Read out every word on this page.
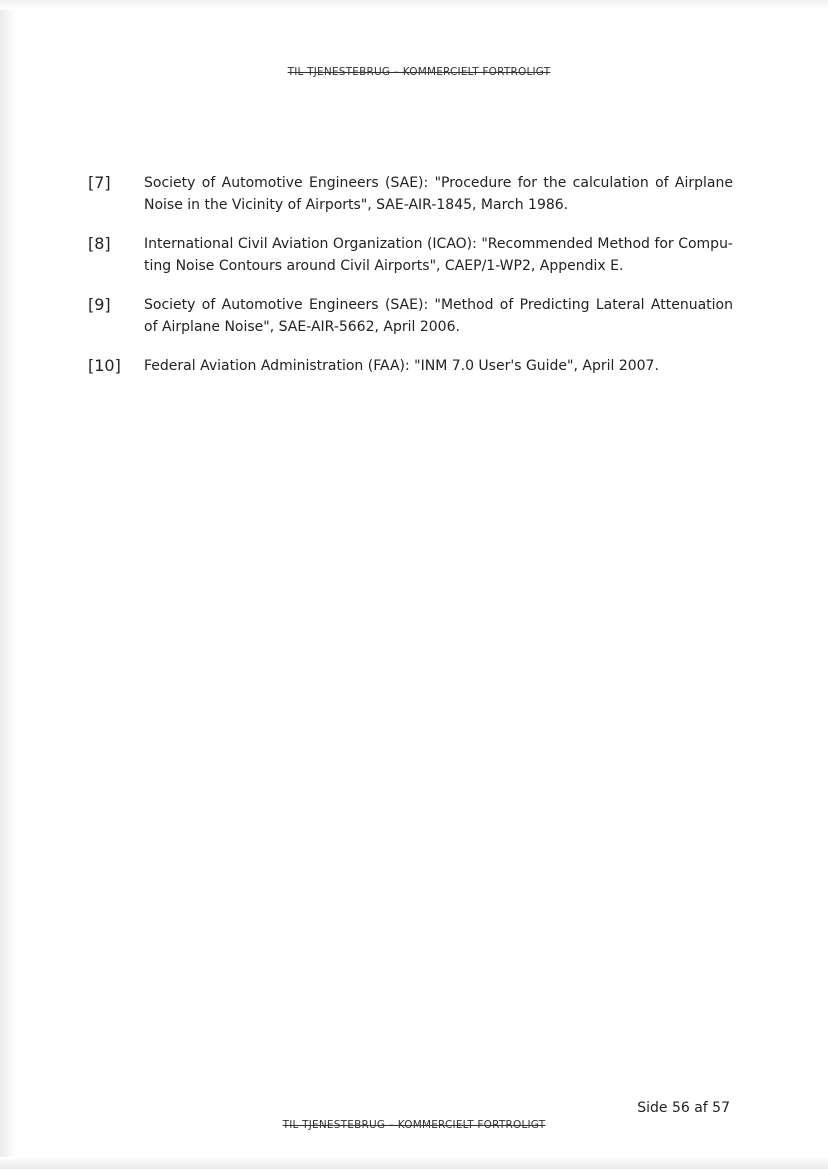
TIL TJENESTEBRUG – KOMMERCIELT FORTROLIGT
[7]	Society of Automotive Engineers (SAE): "Procedure for the calculation of Airplane Noise in the Vicinity of Airports", SAE-AIR-1845, March 1986.
[8]	International Civil Aviation Organization (ICAO): "Recommended Method for Compu-ting Noise Contours around Civil Airports", CAEP/1-WP2, Appendix E.
[9]	Society of Automotive Engineers (SAE): "Method of Predicting Lateral Attenuation of Airplane Noise", SAE-AIR-5662, April 2006.
[10]	Federal Aviation Administration (FAA): "INM 7.0 User's Guide", April 2007.
Side 56 af 57
TIL TJENESTEBRUG – KOMMERCIELT FORTROLIGT
